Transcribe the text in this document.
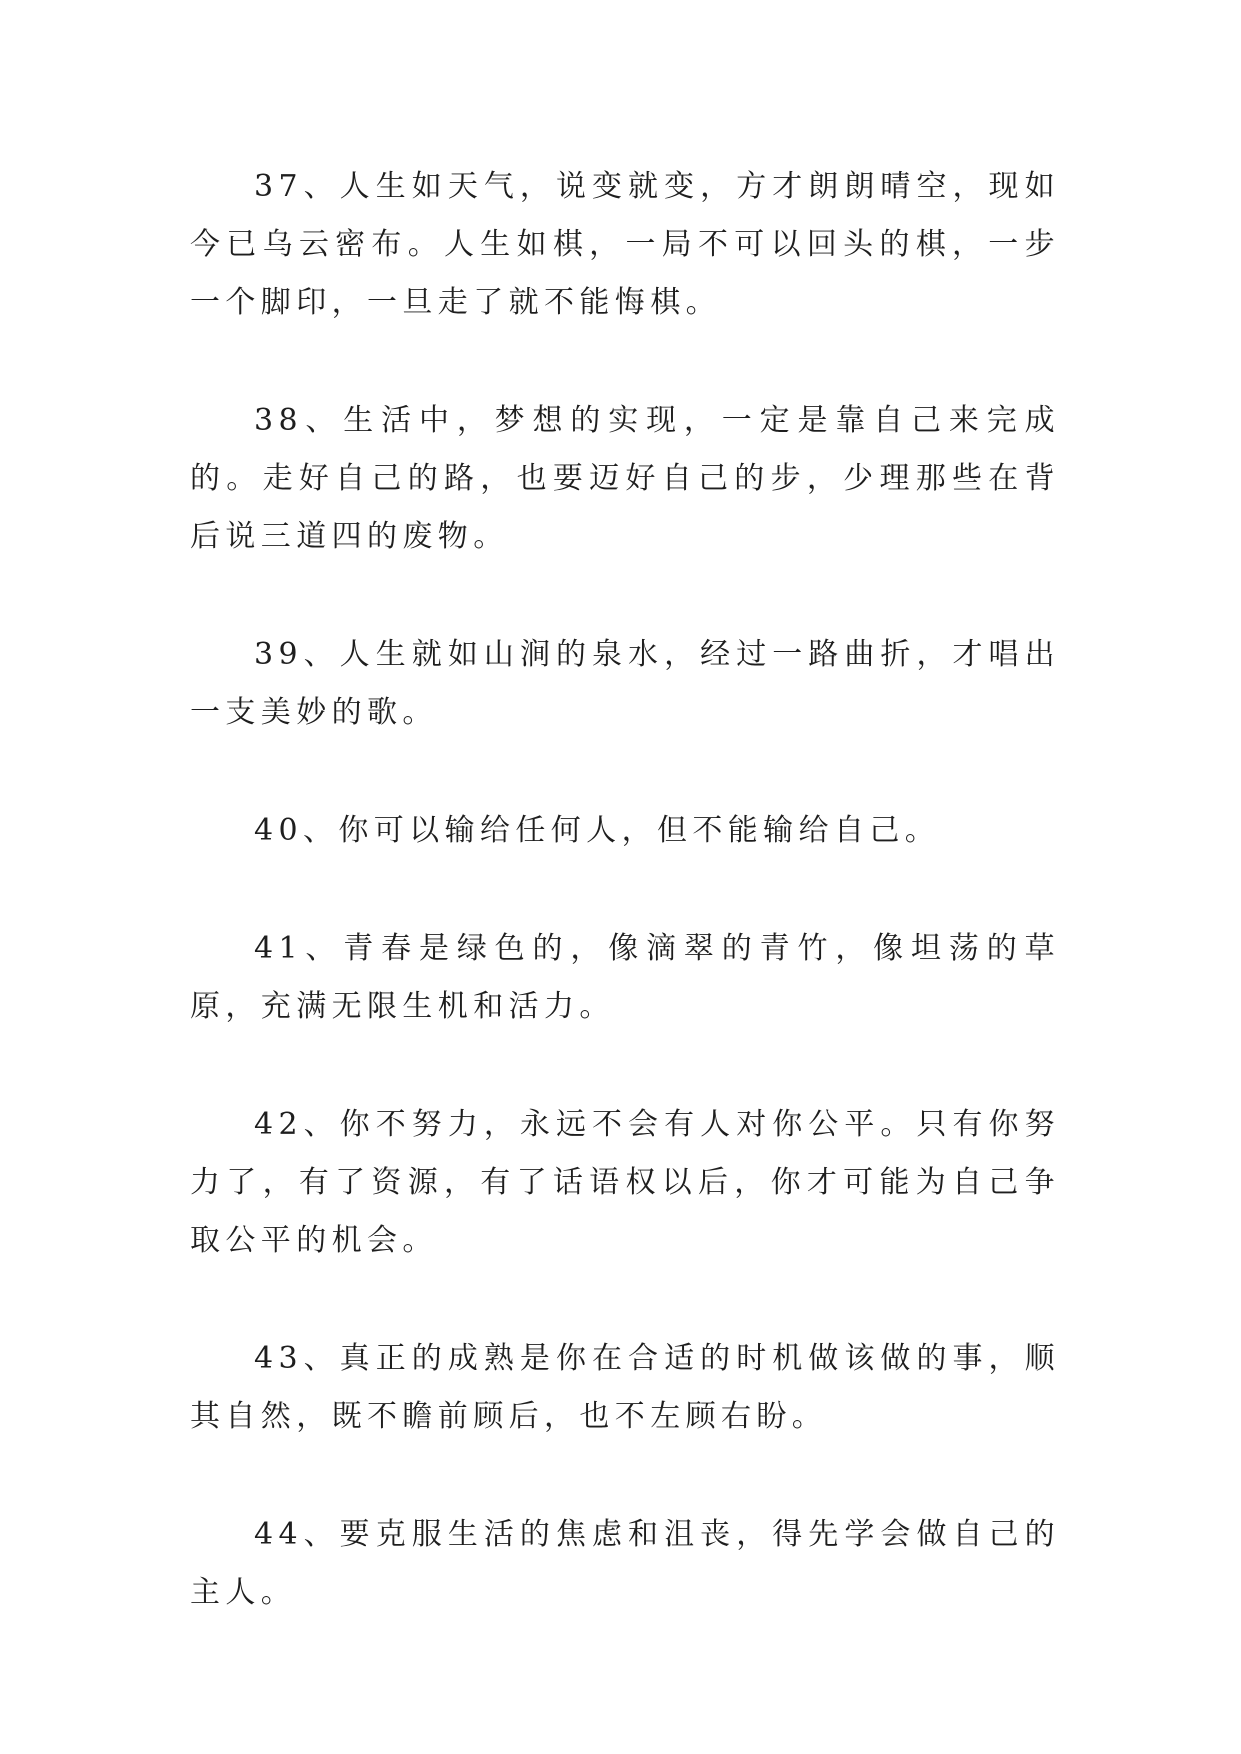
37、人生如天气，说变就变，方才朗朗晴空，现如今已乌云密布。人生如棋，一局不可以回头的棋，一步一个脚印，一旦走了就不能悔棋。

38、生活中，梦想的实现，一定是靠自己来完成的。走好自己的路，也要迈好自己的步，少理那些在背后说三道四的废物。

39、人生就如山涧的泉水，经过一路曲折，才唱出一支美妙的歌。

40、你可以输给任何人，但不能输给自己。

41、青春是绿色的，像滴翠的青竹，像坦荡的草原，充满无限生机和活力。

42、你不努力，永远不会有人对你公平。只有你努力了，有了资源，有了话语权以后，你才可能为自己争取公平的机会。

43、真正的成熟是你在合适的时机做该做的事，顺其自然，既不瞻前顾后，也不左顾右盼。

44、要克服生活的焦虑和沮丧，得先学会做自己的主人。
